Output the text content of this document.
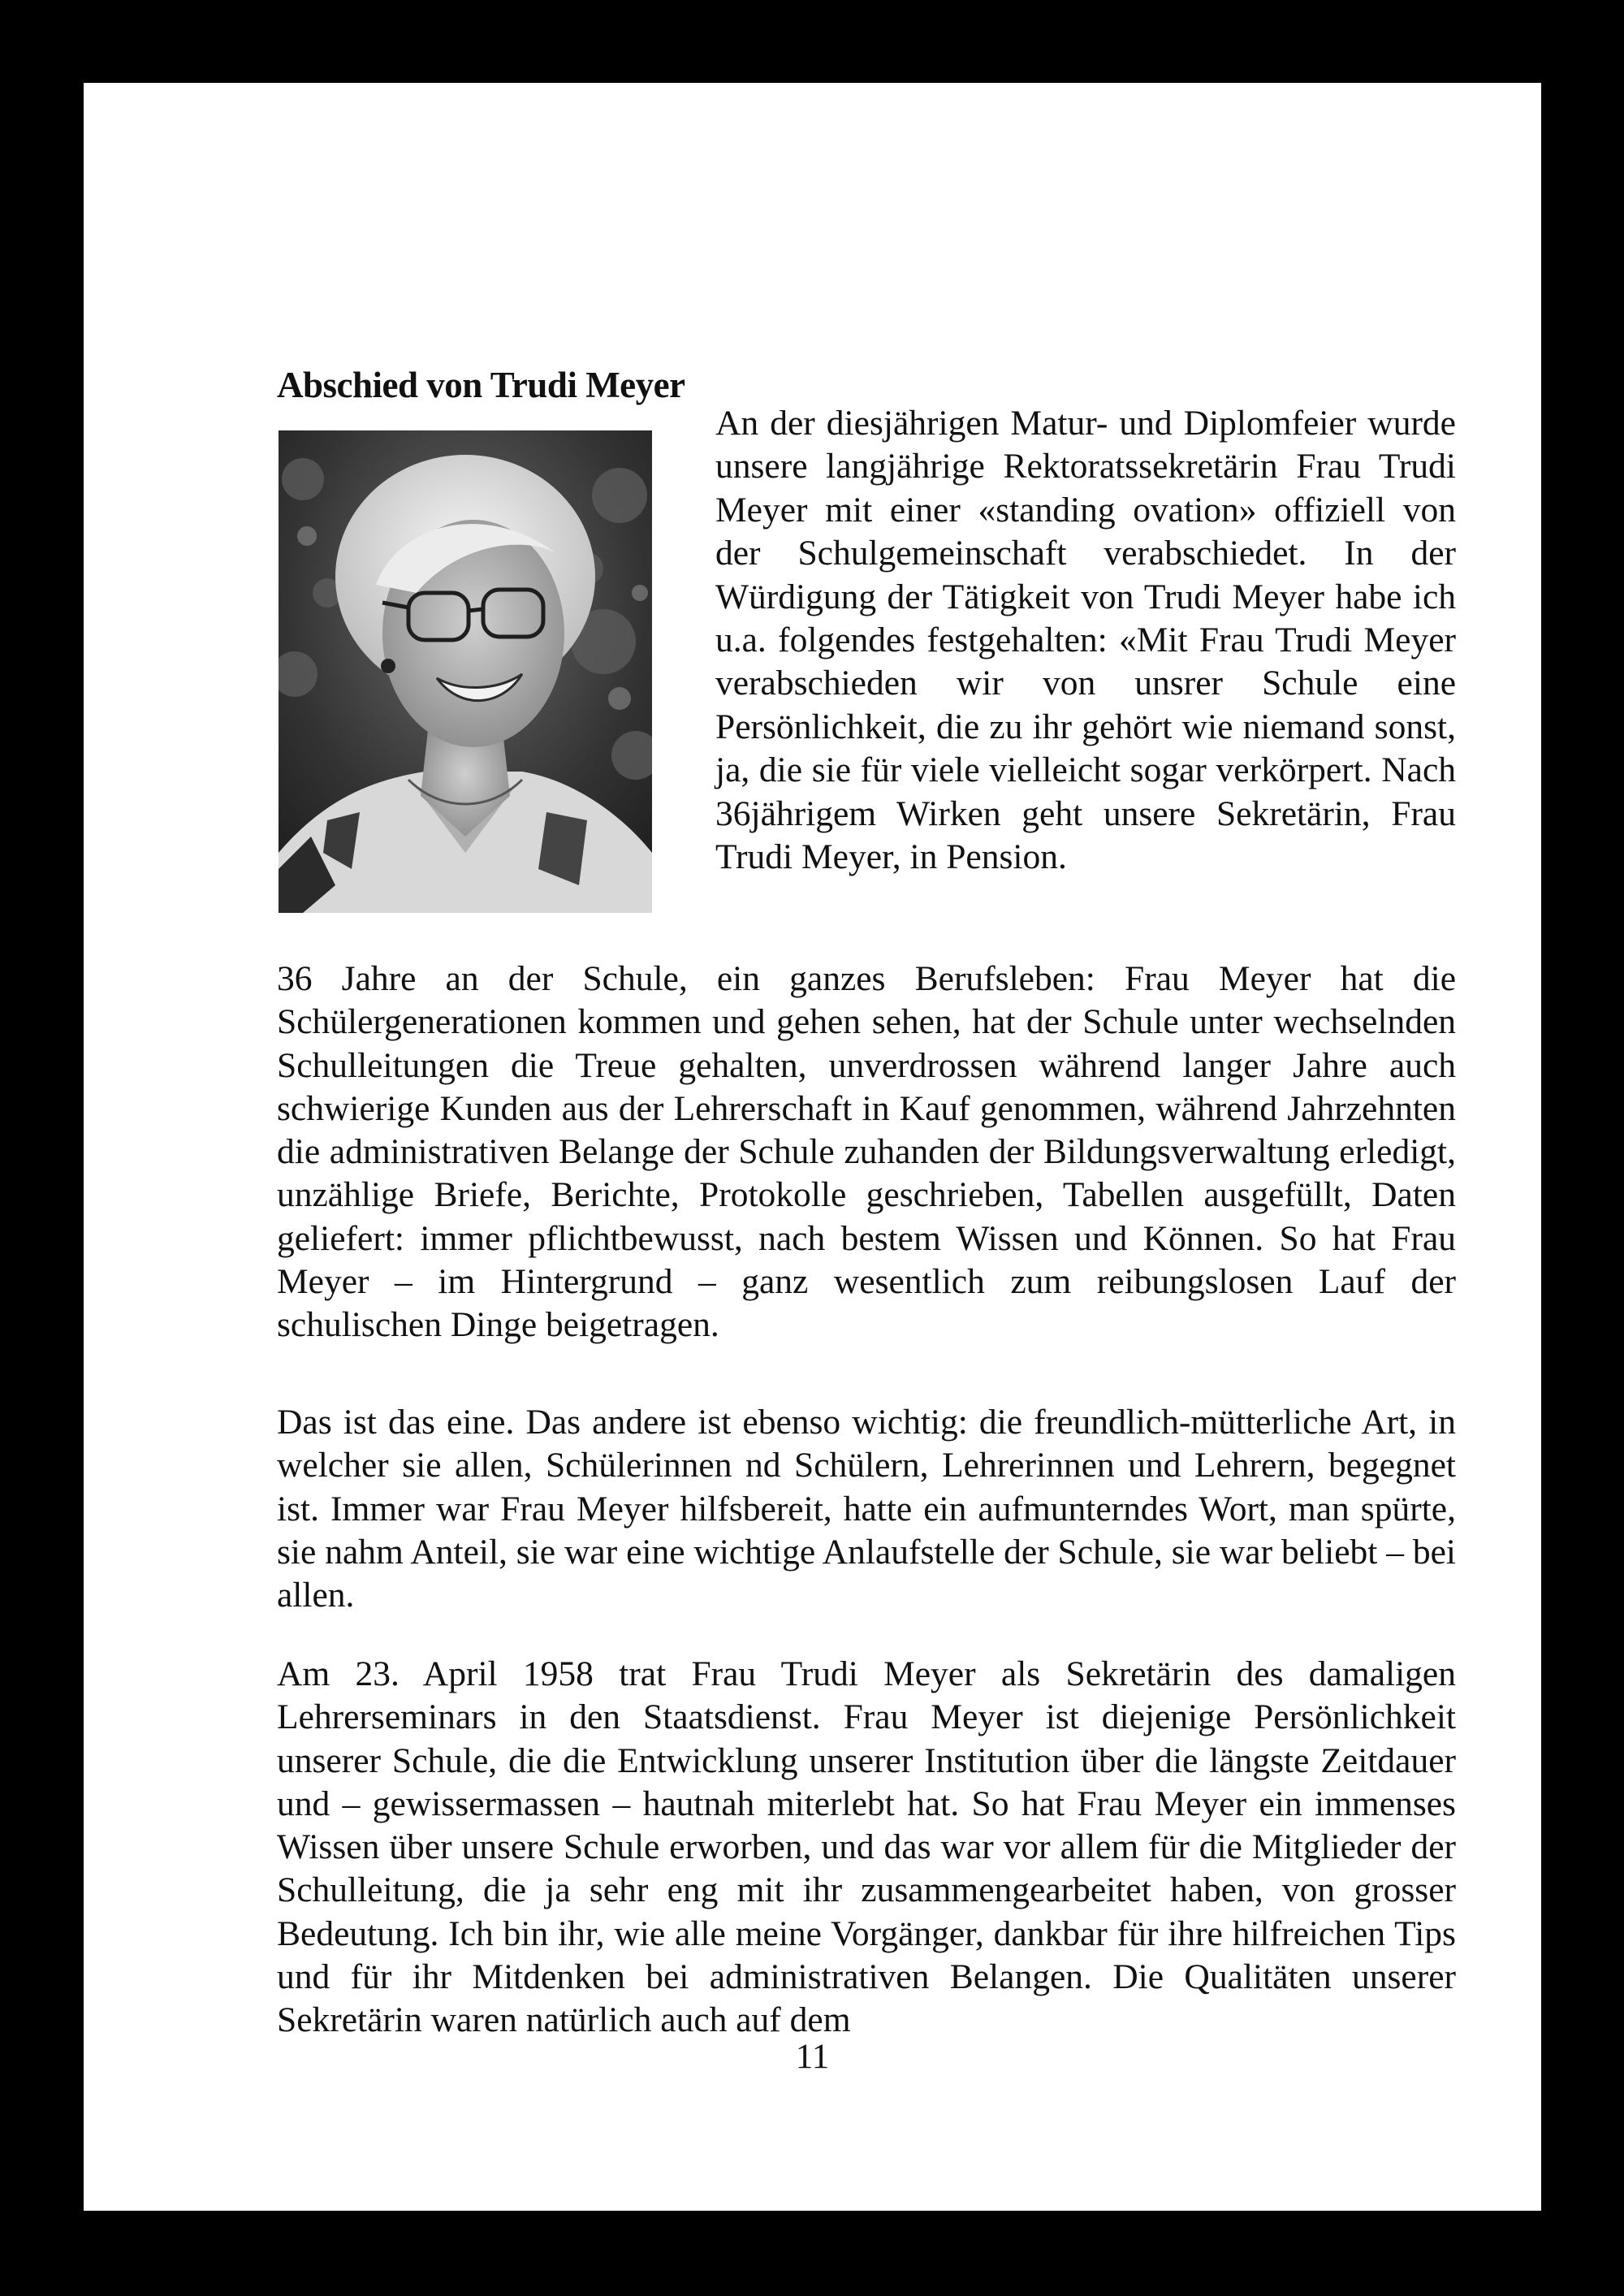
Abschied von Trudi Meyer

An der diesjährigen Matur- und Diplomfeier wurde unsere langjährige Rektoratssekretärin Frau Trudi Meyer mit einer «standing ovation» offiziell von der Schulgemeinschaft verabschiedet. In der Würdigung der Tätigkeit von Trudi Meyer habe ich u.a. folgendes festgehalten: «Mit Frau Trudi Meyer verabschieden wir von unsrer Schule eine Persönlichkeit, die zu ihr gehört wie niemand sonst, ja, die sie für viele vielleicht sogar verkörpert. Nach 36jährigem Wirken geht unsere Sekretärin, Frau Trudi Meyer, in Pension.

36 Jahre an der Schule, ein ganzes Berufsleben: Frau Meyer hat die Schülergenerationen kommen und gehen sehen, hat der Schule unter wechselnden Schulleitungen die Treue gehalten, unverdrossen während langer Jahre auch schwierige Kunden aus der Lehrerschaft in Kauf genommen, während Jahrzehnten die administrativen Belange der Schule zuhanden der Bildungsverwaltung erledigt, unzählige Briefe, Berichte, Protokolle geschrieben, Tabellen ausgefüllt, Daten geliefert: immer pflichtbewusst, nach bestem Wissen und Können. So hat Frau Meyer – im Hintergrund – ganz wesentlich zum reibungslosen Lauf der schulischen Dinge beigetragen.

Das ist das eine. Das andere ist ebenso wichtig: die freundlich-mütterliche Art, in welcher sie allen, Schülerinnen nd Schülern, Lehrerinnen und Lehrern, begegnet ist. Immer war Frau Meyer hilfsbereit, hatte ein aufmunterndes Wort, man spürte, sie nahm Anteil, sie war eine wichtige Anlaufstelle der Schule, sie war beliebt – bei allen.

Am 23. April 1958 trat Frau Trudi Meyer als Sekretärin des damaligen Lehrerseminars in den Staatsdienst. Frau Meyer ist diejenige Persönlichkeit unserer Schule, die die Entwicklung unserer Institution über die längste Zeitdauer und – gewissermassen – hautnah miterlebt hat. So hat Frau Meyer ein immenses Wissen über unsere Schule erworben, und das war vor allem für die Mitglieder der Schulleitung, die ja sehr eng mit ihr zusammengearbeitet haben, von grosser Bedeutung. Ich bin ihr, wie alle meine Vorgänger, dankbar für ihre hilfreichen Tips und für ihr Mitdenken bei administrativen Belangen. Die Qualitäten unserer Sekretärin waren natürlich auch auf dem

11
